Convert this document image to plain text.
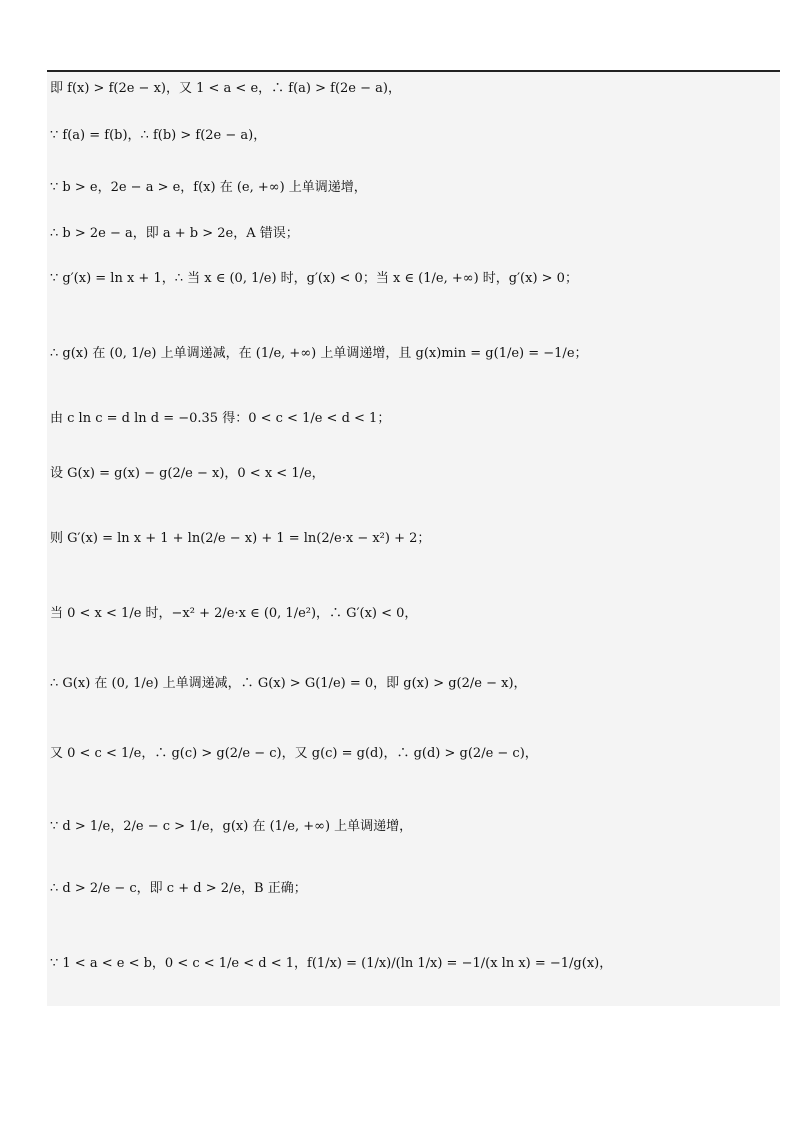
即 f(x) > f(2e − x)，又 1 < a < e，∴ f(a) > f(2e − a)，
∵ f(a) = f(b)，∴ f(b) > f(2e − a)，
∵ b > e，2e − a > e，f(x) 在 (e, +∞) 上单调递增，
∴ b > 2e − a，即 a + b > 2e，A 错误；
∵ g′(x) = ln x + 1，∴ 当 x ∈ (0, 1/e) 时，g′(x) < 0；当 x ∈ (1/e, +∞) 时，g′(x) > 0；
∴ g(x) 在 (0, 1/e) 上单调递减，在 (1/e, +∞) 上单调递增，且 g(x)min = g(1/e) = −1/e；
由 c ln c = d ln d = −0.35 得：0 < c < 1/e < d < 1；
设 G(x) = g(x) − g(2/e − x)，0 < x < 1/e，
则 G′(x) = ln x + 1 + ln(2/e − x) + 1 = ln(2/e·x − x²) + 2；
当 0 < x < 1/e 时，−x² + 2/e·x ∈ (0, 1/e²)，∴ G′(x) < 0，
∴ G(x) 在 (0, 1/e) 上单调递减，∴ G(x) > G(1/e) = 0，即 g(x) > g(2/e − x)，
又 0 < c < 1/e，∴ g(c) > g(2/e − c)，又 g(c) = g(d)，∴ g(d) > g(2/e − c)，
∵ d > 1/e，2/e − c > 1/e，g(x) 在 (1/e, +∞) 上单调递增，
∴ d > 2/e − c，即 c + d > 2/e，B 正确；
∵ 1 < a < e < b，0 < c < 1/e < d < 1，f(1/x) = (1/x)/(ln 1/x) = −1/(x ln x) = −1/g(x)，
